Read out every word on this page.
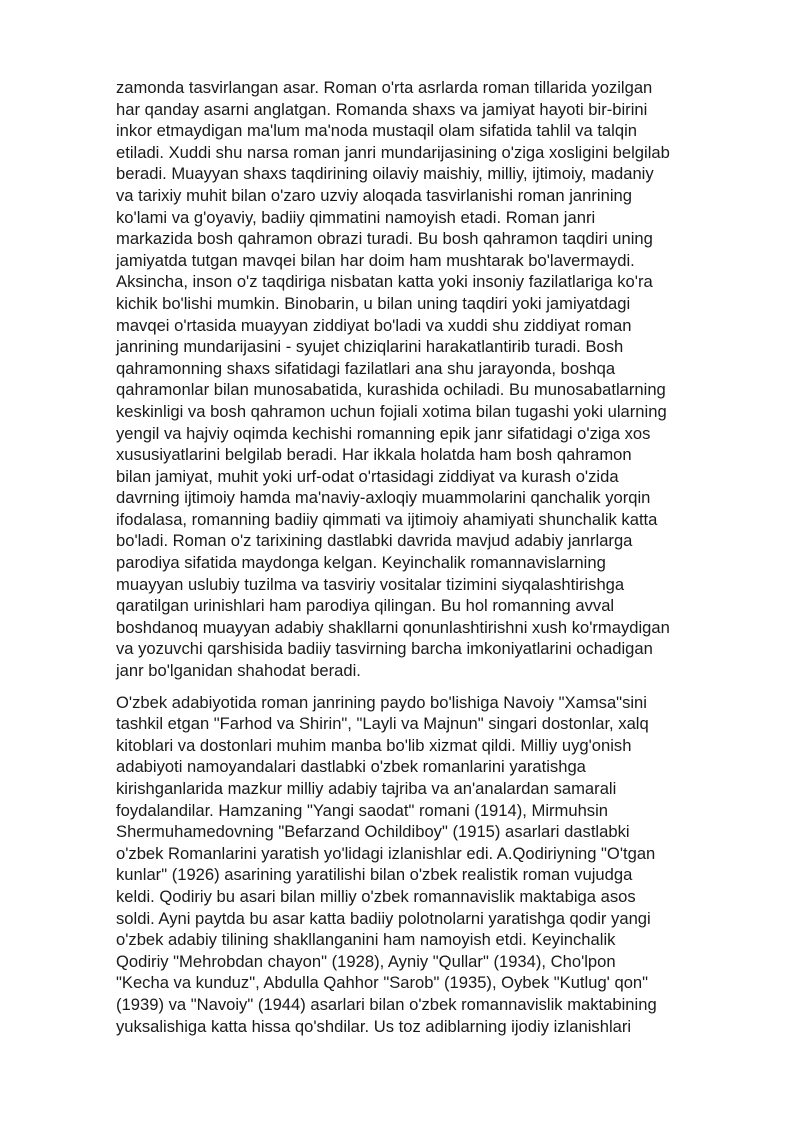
zamonda tasvirlangan asar. Roman o'rta asrlarda roman tillarida yozilgan
har qanday asarni anglatgan. Romanda shaxs va jamiyat hayoti bir-birini
inkor etmaydigan ma'lum ma'noda mustaqil olam sifatida tahlil va talqin
etiladi. Xuddi shu narsa roman janri mundarijasining o'ziga xosligini belgilab
beradi. Muayyan shaxs taqdirining oilaviy maishiy, milliy, ijtimoiy, madaniy
va tarixiy muhit bilan o'zaro uzviy aloqada tasvirlanishi roman janrining
ko'lami va g'oyaviy, badiiy qimmatini namoyish etadi. Roman janri
markazida bosh qahramon obrazi turadi. Bu bosh qahramon taqdiri uning
jamiyatda tutgan mavqei bilan har doim ham mushtarak bo'lavermaydi.
Aksincha, inson o'z taqdiriga nisbatan katta yoki insoniy fazilatlariga ko'ra
kichik bo'lishi mumkin. Binobarin, u bilan uning taqdiri yoki jamiyatdagi
mavqei o'rtasida muayyan ziddiyat bo'ladi va xuddi shu ziddiyat roman
janrining mundarijasini - syujet chiziqlarini harakatlantirib turadi. Bosh
qahramonning shaxs sifatidagi fazilatlari ana shu jarayonda, boshqa
qahramonlar bilan munosabatida, kurashida ochiladi. Bu munosabatlarning
keskinligi va bosh qahramon uchun fojiali xotima bilan tugashi yoki ularning
yengil va hajviy oqimda kechishi romanning epik janr sifatidagi o'ziga xos
xususiyatlarini belgilab beradi. Har ikkala holatda ham bosh qahramon
bilan jamiyat, muhit yoki urf-odat o'rtasidagi ziddiyat va kurash o'zida
davrning ijtimoiy hamda ma'naviy-axloqiy muammolarini qanchalik yorqin
ifodalasa, romanning badiiy qimmati va ijtimoiy ahamiyati shunchalik katta
bo'ladi. Roman o'z tarixining dastlabki davrida mavjud adabiy janrlarga
parodiya sifatida maydonga kelgan. Keyinchalik romannavislarning
muayyan uslubiy tuzilma va tasviriy vositalar tizimini siyqalashtirishga
qaratilgan urinishlari ham parodiya qilingan. Bu hol romanning avval
boshdanoq muayyan adabiy shakllarni qonunlashtirishni xush ko'rmaydigan
va yozuvchi qarshisida badiiy tasvirning barcha imkoniyatlarini ochadigan
janr bo'lganidan shahodat beradi.
O'zbek adabiyotida roman janrining paydo bo'lishiga Navoiy "Xamsa"sini
tashkil etgan "Farhod va Shirin", "Layli va Majnun" singari dostonlar, xalq
kitoblari va dostonlari muhim manba bo'lib xizmat qildi. Milliy uyg'onish
adabiyoti namoyandalari dastlabki o'zbek romanlarini yaratishga
kirishganlarida mazkur milliy adabiy tajriba va an'analardan samarali
foydalandilar. Hamzaning "Yangi saodat" romani (1914), Mirmuhsin
Shermuhamedovning "Befarzand Ochildiboy" (1915) asarlari dastlabki
o'zbek Romanlarini yaratish yo'lidagi izlanishlar edi. A.Qodiriyning "O'tgan
kunlar" (1926) asarining yaratilishi bilan o'zbek realistik roman vujudga
keldi. Qodiriy bu asari bilan milliy o'zbek romannavislik maktabiga asos
soldi. Ayni paytda bu asar katta badiiy polotnolarni yaratishga qodir yangi
o'zbek adabiy tilining shakllanganini ham namoyish etdi. Keyinchalik
Qodiriy "Mehrobdan chayon" (1928), Ayniy "Qullar" (1934), Cho'lpon
"Kecha va kunduz", Abdulla Qahhor "Sarob" (1935), Oybek "Kutlug' qon"
(1939) va "Navoiy" (1944) asarlari bilan o'zbek romannavislik maktabining
yuksalishiga katta hissa qo'shdilar. Us toz adiblarning ijodiy izlanishlari
